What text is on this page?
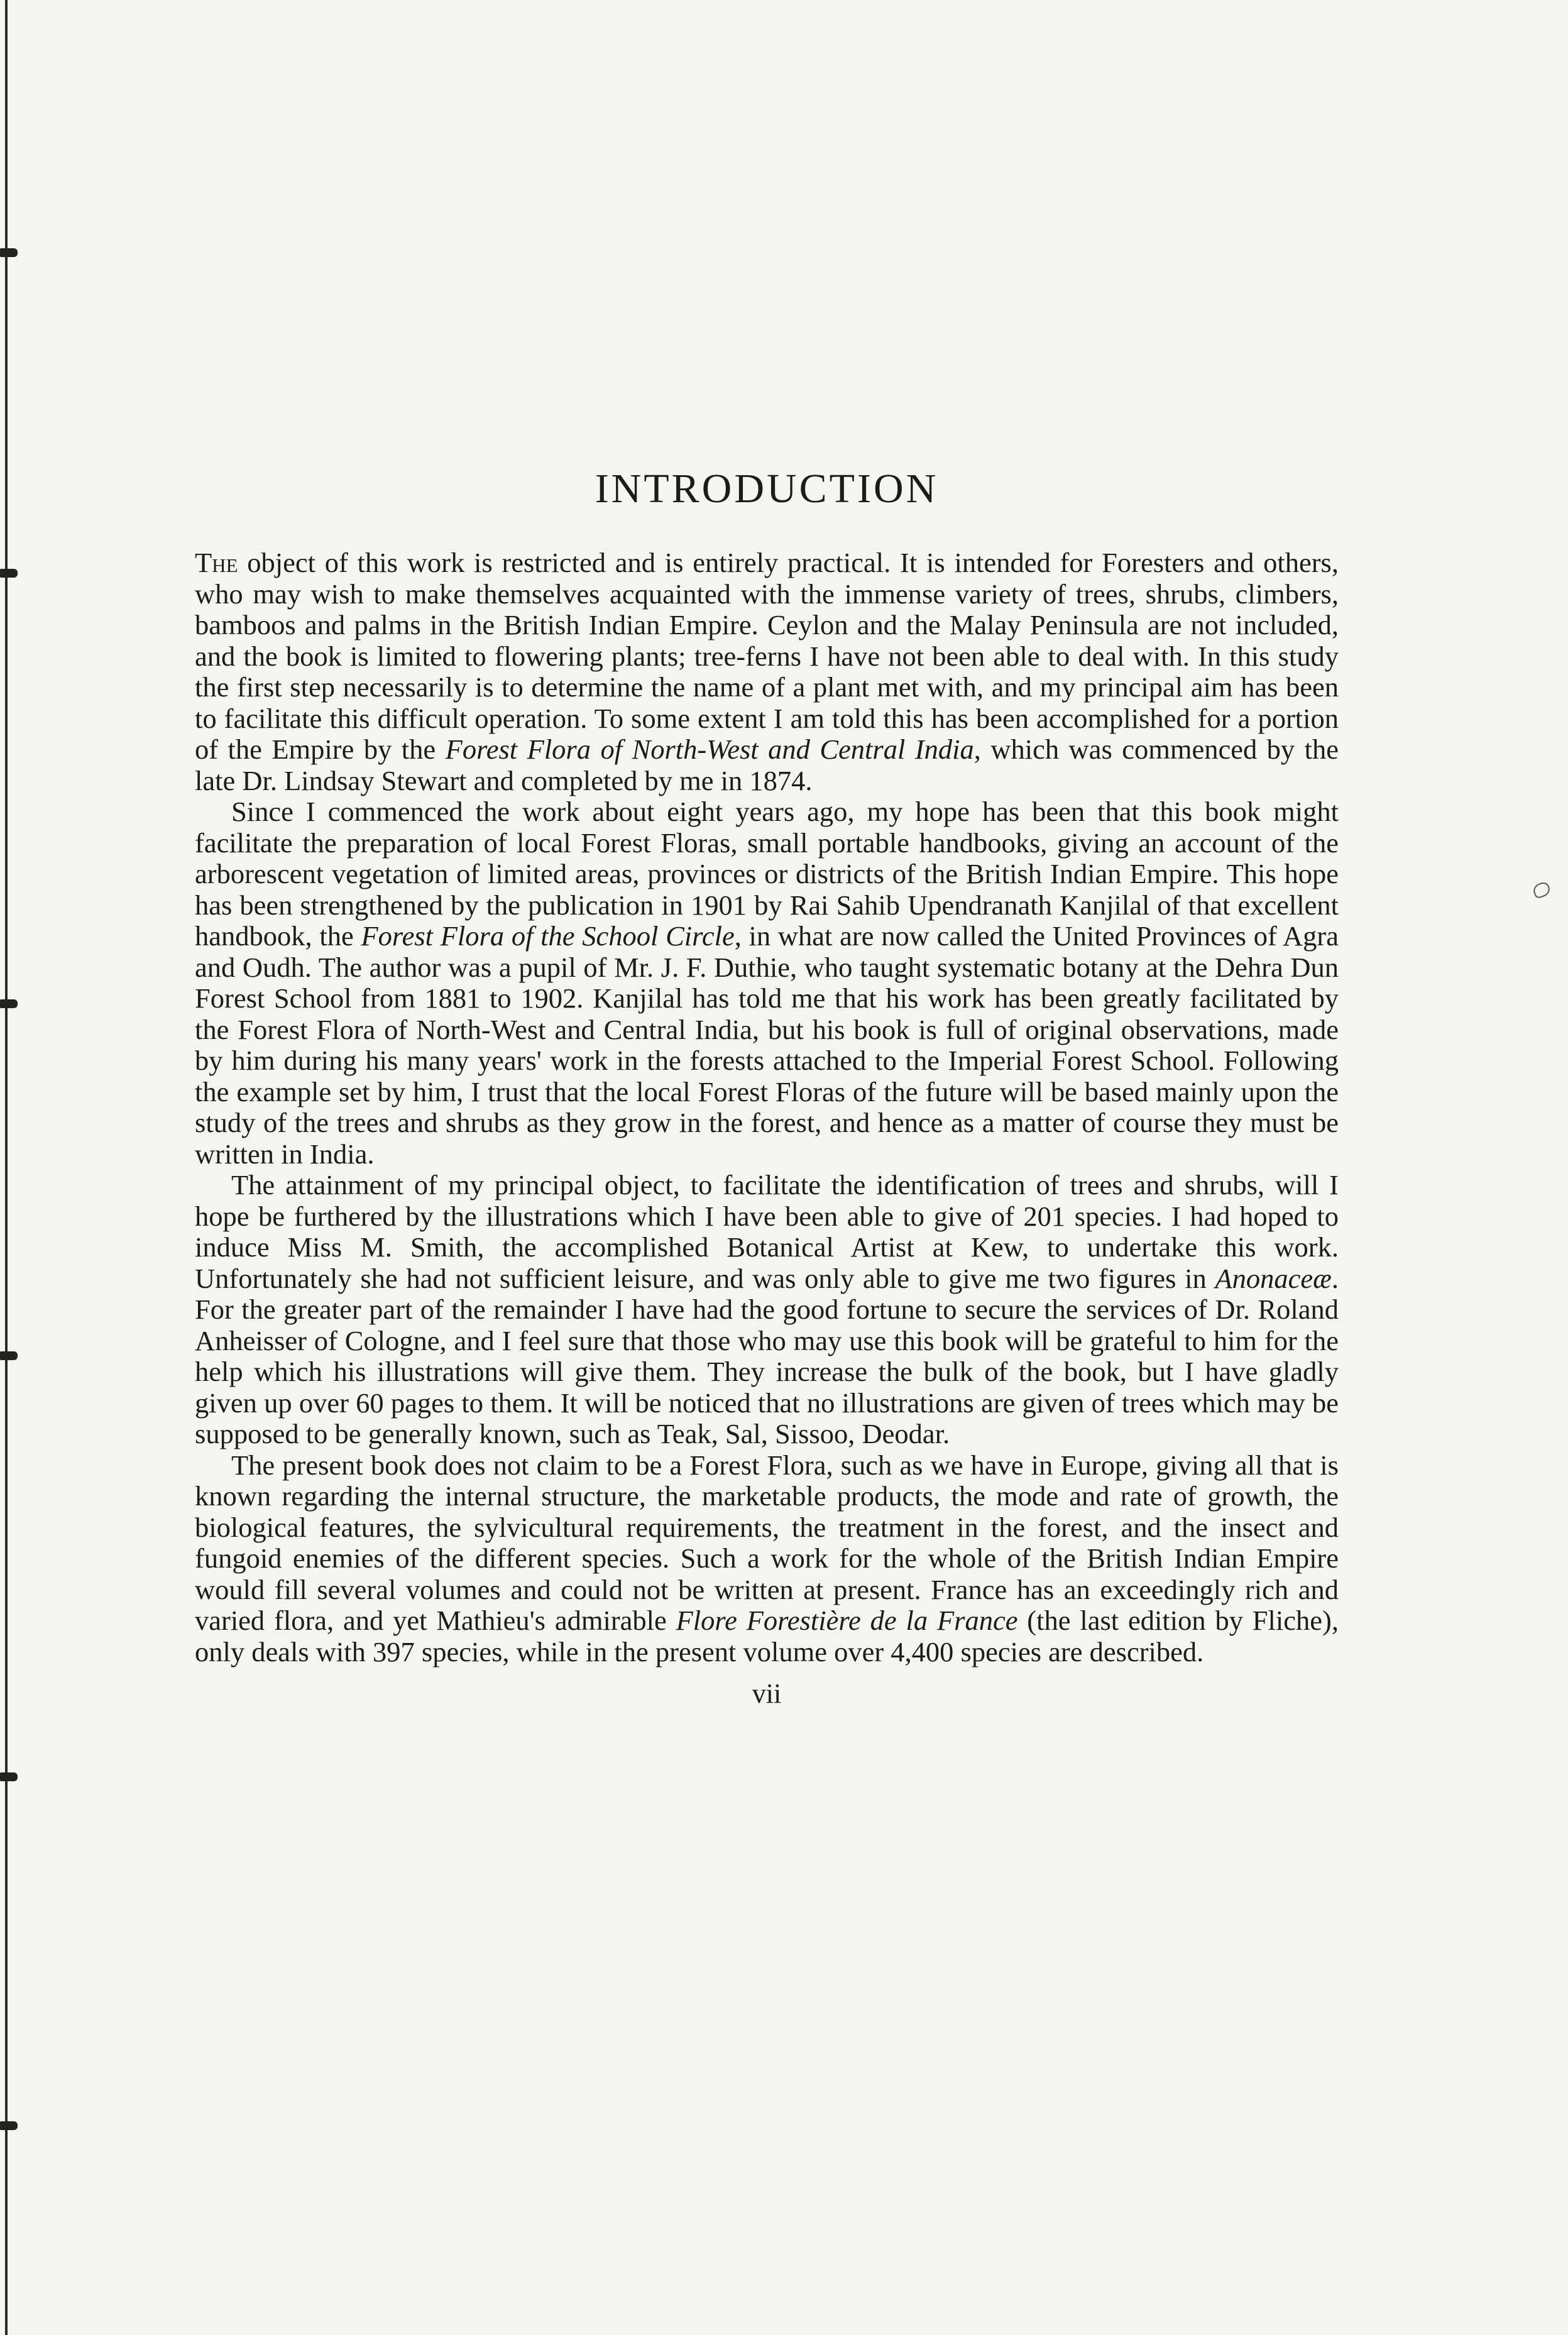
INTRODUCTION

The object of this work is restricted and is entirely practical. It is intended for Foresters and others, who may wish to make themselves acquainted with the immense variety of trees, shrubs, climbers, bamboos and palms in the British Indian Empire. Ceylon and the Malay Peninsula are not included, and the book is limited to flowering plants; tree-ferns I have not been able to deal with. In this study the first step necessarily is to determine the name of a plant met with, and my principal aim has been to facilitate this difficult operation. To some extent I am told this has been accomplished for a portion of the Empire by the Forest Flora of North-West and Central India, which was commenced by the late Dr. Lindsay Stewart and completed by me in 1874.

Since I commenced the work about eight years ago, my hope has been that this book might facilitate the preparation of local Forest Floras, small portable handbooks, giving an account of the arborescent vegetation of limited areas, provinces or districts of the British Indian Empire. This hope has been strengthened by the publication in 1901 by Rai Sahib Upendranath Kanjilal of that excellent handbook, the Forest Flora of the School Circle, in what are now called the United Provinces of Agra and Oudh. The author was a pupil of Mr. J. F. Duthie, who taught systematic botany at the Dehra Dun Forest School from 1881 to 1902. Kanjilal has told me that his work has been greatly facilitated by the Forest Flora of North-West and Central India, but his book is full of original observations, made by him during his many years' work in the forests attached to the Imperial Forest School. Following the example set by him, I trust that the local Forest Floras of the future will be based mainly upon the study of the trees and shrubs as they grow in the forest, and hence as a matter of course they must be written in India.

The attainment of my principal object, to facilitate the identification of trees and shrubs, will I hope be furthered by the illustrations which I have been able to give of 201 species. I had hoped to induce Miss M. Smith, the accomplished Botanical Artist at Kew, to undertake this work. Unfortunately she had not sufficient leisure, and was only able to give me two figures in Anonaceæ. For the greater part of the remainder I have had the good fortune to secure the services of Dr. Roland Anheisser of Cologne, and I feel sure that those who may use this book will be grateful to him for the help which his illustrations will give them. They increase the bulk of the book, but I have gladly given up over 60 pages to them. It will be noticed that no illustrations are given of trees which may be supposed to be generally known, such as Teak, Sal, Sissoo, Deodar.

The present book does not claim to be a Forest Flora, such as we have in Europe, giving all that is known regarding the internal structure, the marketable products, the mode and rate of growth, the biological features, the sylvicultural requirements, the treatment in the forest, and the insect and fungoid enemies of the different species. Such a work for the whole of the British Indian Empire would fill several volumes and could not be written at present. France has an exceedingly rich and varied flora, and yet Mathieu's admirable Flore Forestière de la France (the last edition by Fliche), only deals with 397 species, while in the present volume over 4,400 species are described.

vii
